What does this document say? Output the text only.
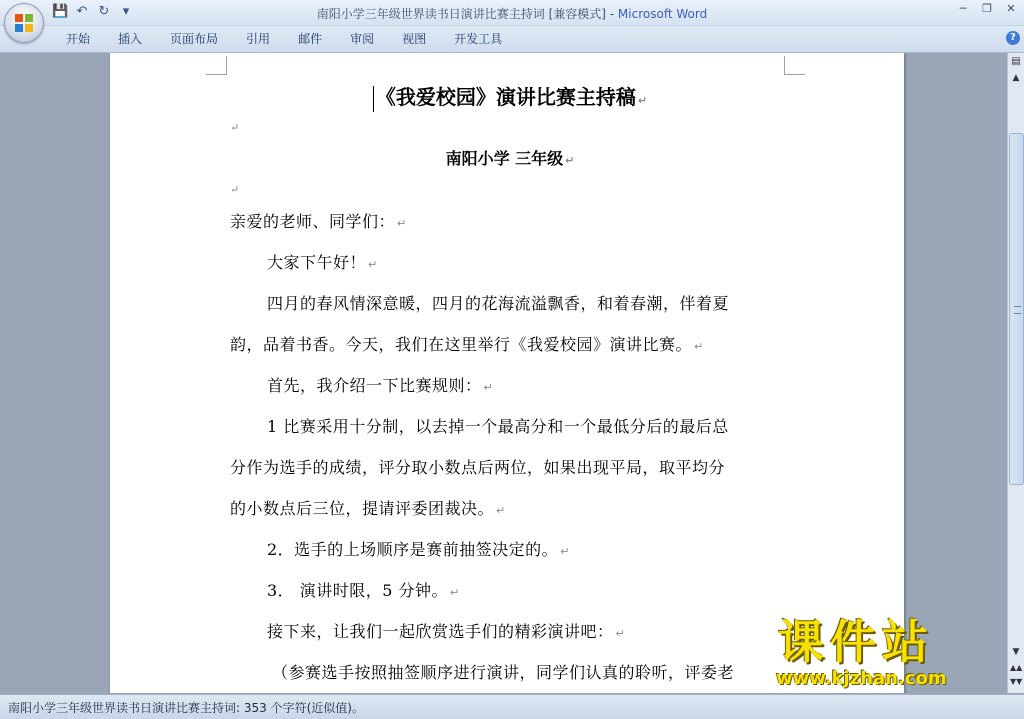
💾 ↶ ↻	▾	南阳小学三年级世界读书日演讲比赛主持词 [兼容模式] - Microsoft Word	─	❐ ✕
开始	插入	页面布局	引用	邮件	审阅	视图	开发工具	?
《我爱校园》演讲比赛主持稿 ↵
↵
南阳小学 三年级 ↵
↵
亲爱的老师、同学们： ↵
大家下午好！ ↵
四月的春风情深意暖，四月的花海流溢飘香，和着春潮，伴着夏
韵，品着书香。今天，我们在这里举行《我爱校园》演讲比赛。 ↵
首先，我介绍一下比赛规则： ↵
1 比赛采用十分制，以去掉一个最高分和一个最低分后的最后总
分作为选手的成绩，评分取小数点后两位，如果出现平局，取平均分
的小数点后三位，提请评委团裁决。 ↵
2．选手的上场顺序是赛前抽签决定的。 ↵
3． 演讲时限，5 分钟。 ↵
接下来，让我们一起欣赏选手们的精彩演讲吧： ↵
（参赛选手按照抽签顺序进行演讲，同学们认真的聆听，评委老
▤
▲
▼
▲▲
▼▼
南阳小学三年级世界读书日演讲比赛主持词: 353 个字符(近似值)。
课件站
www.kjzhan.com
